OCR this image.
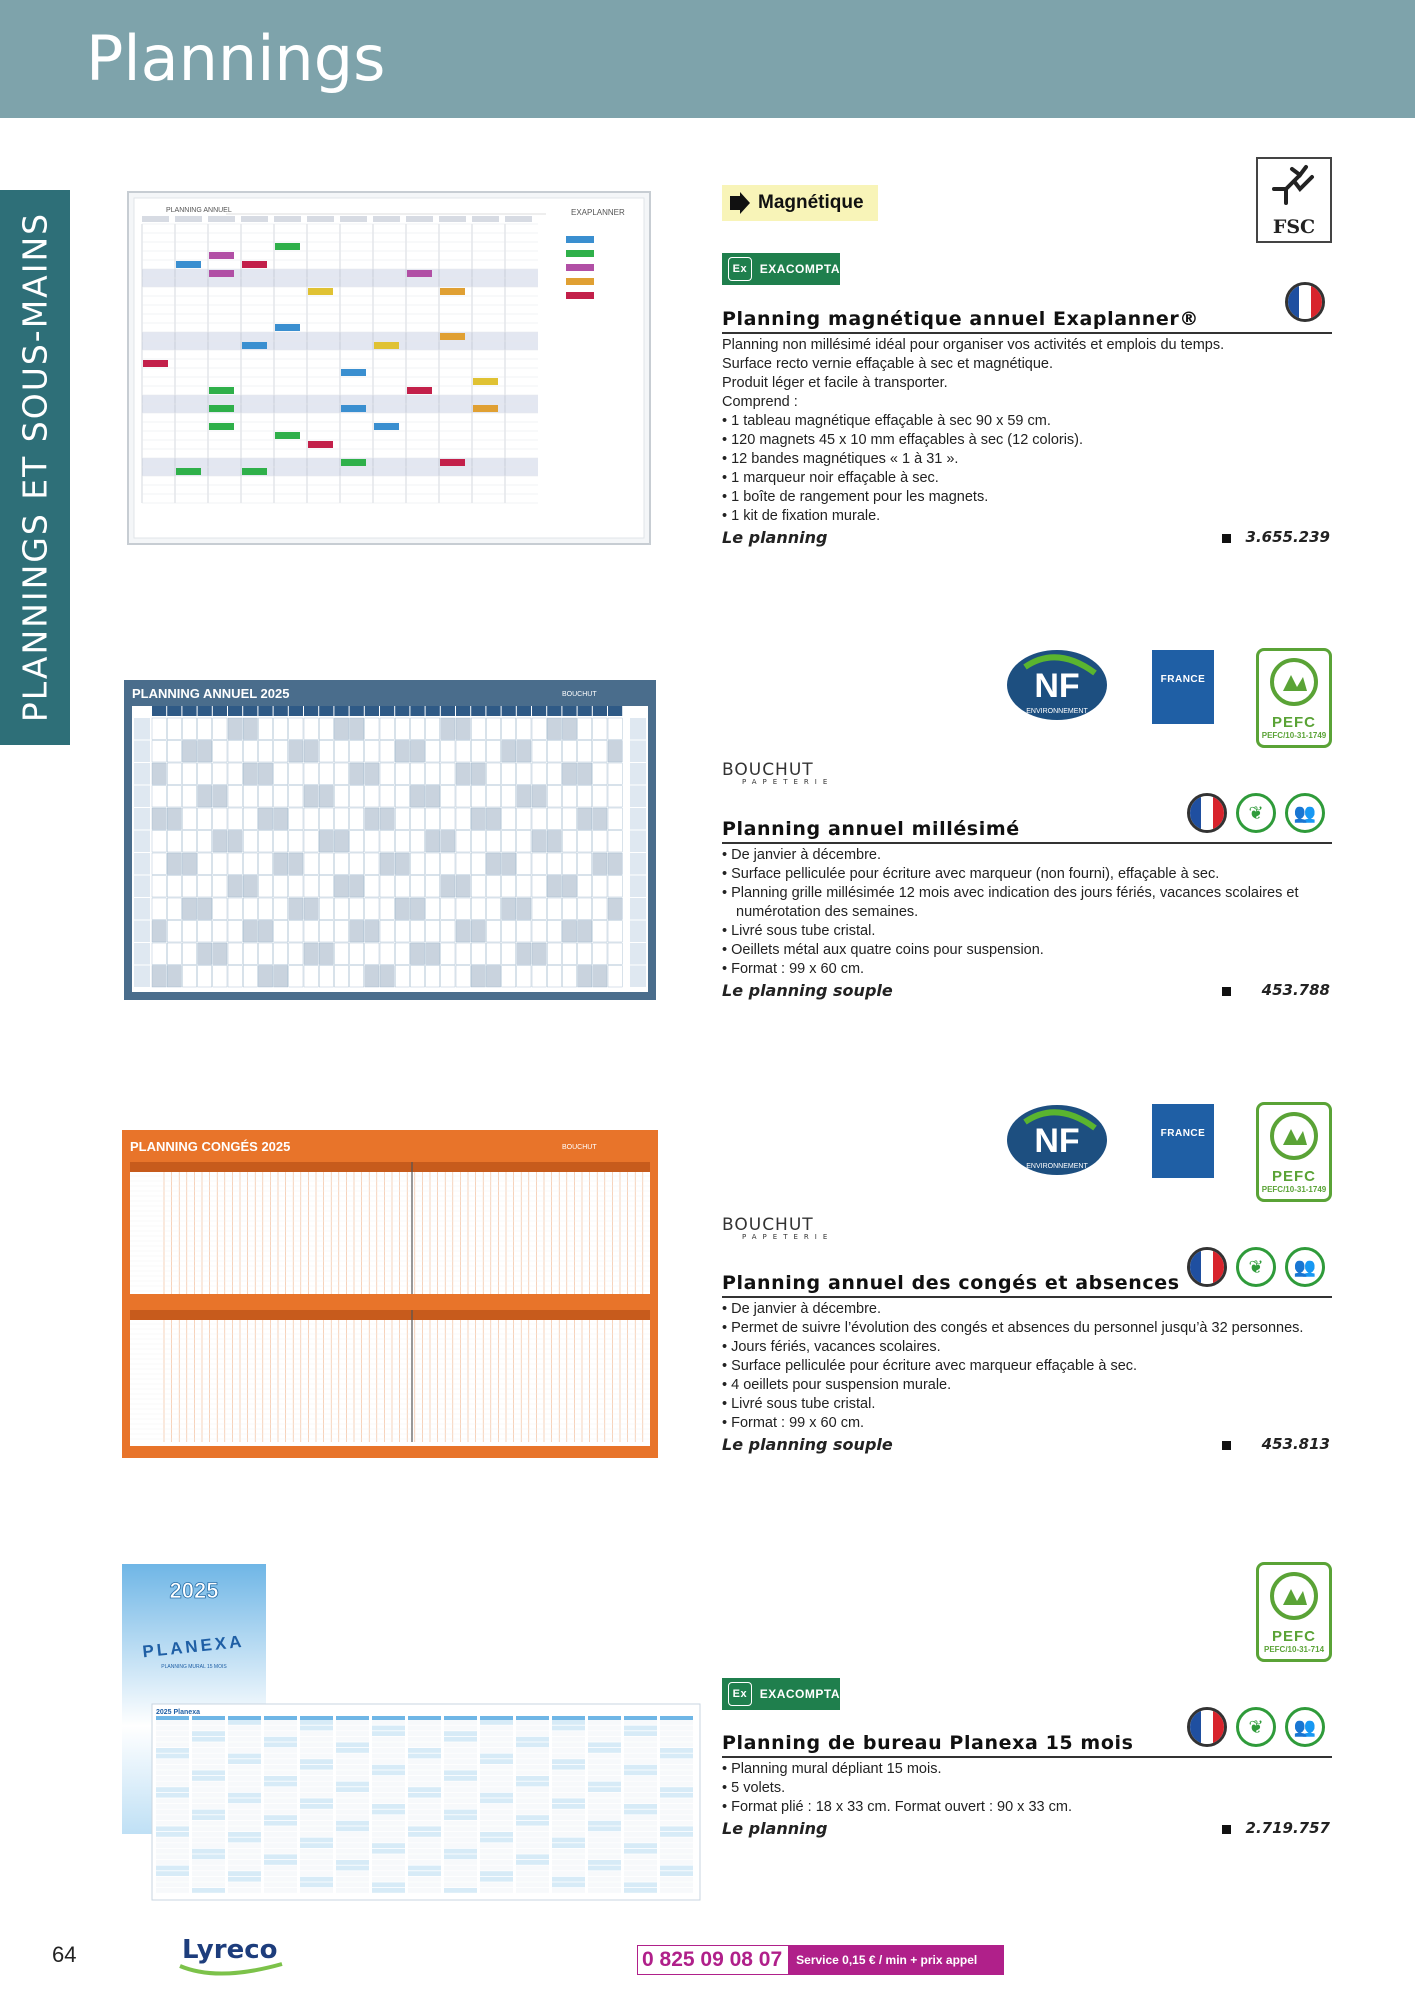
Plannings
PLANNINGS ET SOUS-MAINS
PLANNING ANNUEL	EXAPLANNER	Magnétique
Ex	EXACOMPTA
FSC
Planning magnétique annuel Exaplanner®
Planning non millésimé idéal pour organiser vos activités et emplois du temps.
Surface recto vernie effaçable à sec et magnétique.
Produit léger et facile à transporter.
Comprend :
• 1 tableau magnétique effaçable à sec 90 x 59 cm.
• 120 magnets 45 x 10 mm effaçables à sec (12 coloris).
• 12 bandes magnétiques « 1 à 31 ».
• 1 marqueur noir effaçable à sec.
• 1 boîte de rangement pour les magnets.
• 1 kit de fixation murale.
Le planning	3.655.239
PLANNING ANNUEL 2025	BOUCHUT	NF
ENVIRONNEMENT
FRANCE
PEFC
PEFC/10-31-1749
BOUCHUT
PAPETERIE
❦	👥
Planning annuel millésimé
• De janvier à décembre.
• Surface pelliculée pour écriture avec marqueur (non fourni), effaçable à sec.
• Planning grille millésimée 12 mois avec indication des jours fériés, vacances scolaires et numérotation des semaines.
• Livré sous tube cristal.
• Oeillets métal aux quatre coins pour suspension.
• Format : 99 x 60 cm.
Le planning souple	453.788
PLANNING CONGÉS 2025	BOUCHUT	NF
ENVIRONNEMENT
FRANCE
PEFC
PEFC/10-31-1749
BOUCHUT
PAPETERIE
❦	👥
Planning annuel des congés et absences
• De janvier à décembre.
• Permet de suivre l’évolution des congés et absences du personnel jusqu’à 32 personnes.
• Jours fériés, vacances scolaires.
• Surface pelliculée pour écriture avec marqueur effaçable à sec.
• 4 oeillets pour suspension murale.
• Livré sous tube cristal.
• Format : 99 x 60 cm.
Le planning souple	453.813
2025
PLANEXA
PLANNING MURAL 15 MOIS
2025 Planexa
PEFC
PEFC/10-31-714
Ex	EXACOMPTA
❦	👥
Planning de bureau Planexa 15 mois
• Planning mural dépliant 15 mois.
• 5 volets.
• Format plié : 18 x 33 cm. Format ouvert : 90 x 33 cm.
Le planning	2.719.757
64	Lyreco	0 825 09 08 07	Service 0,15 € / min + prix appel
